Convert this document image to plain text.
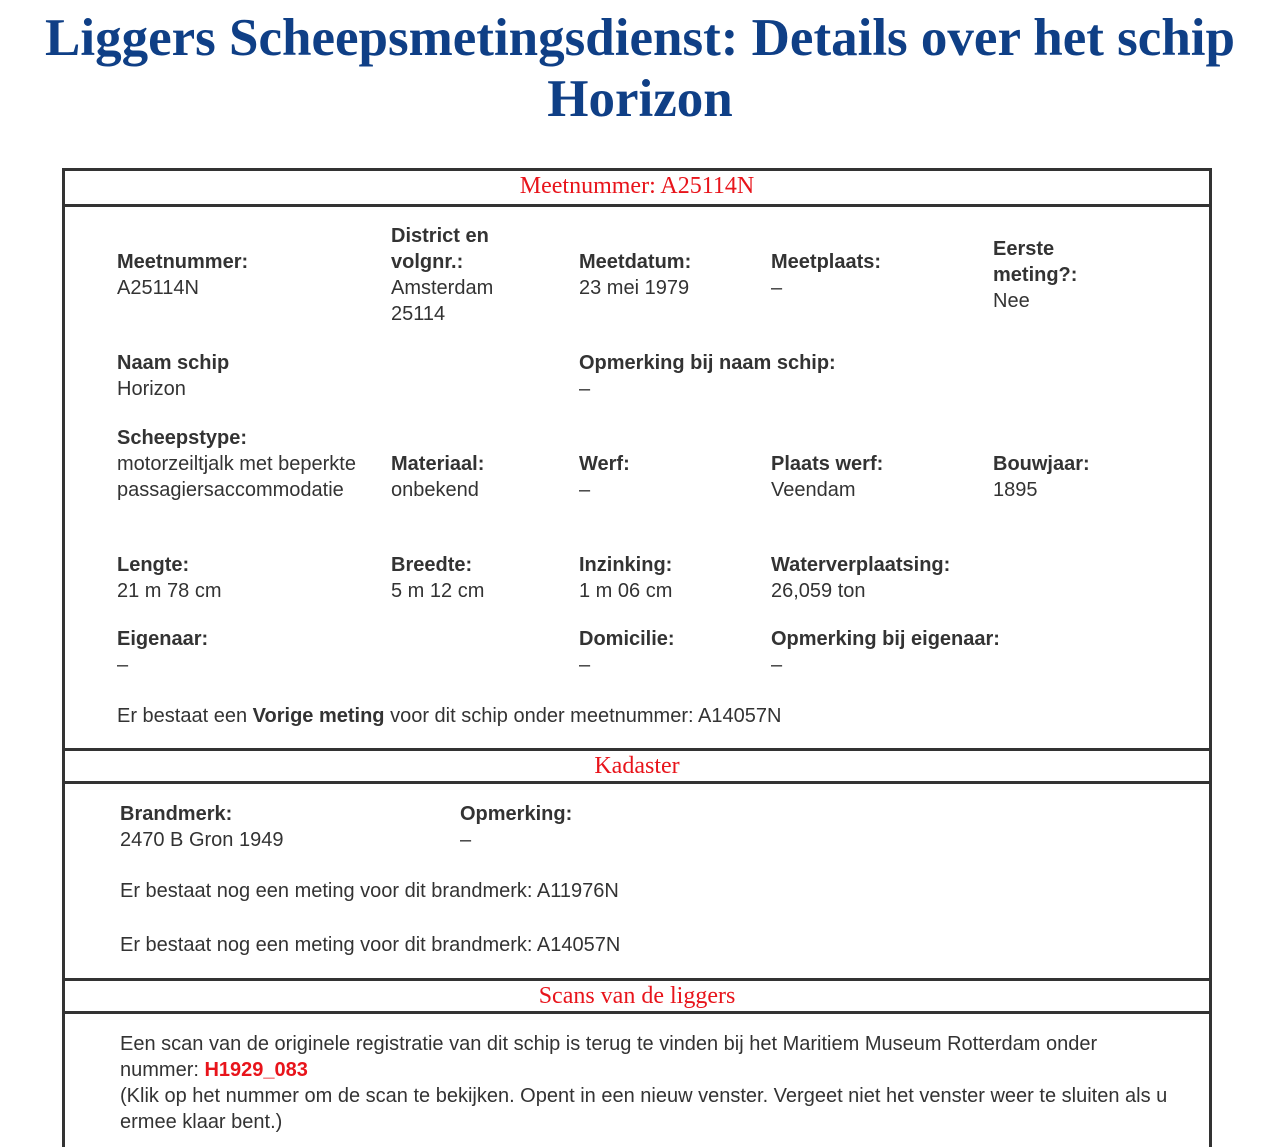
Liggers Scheepsmetingsdienst: Details over het schip Horizon
Meetnummer: A25114N
Meetnummer:
A25114N
District en volgnr.:
Amsterdam 25114
Meetdatum:
23 mei 1979
Meetplaats:
–
Eerste meting?:
Nee
Naam schip
Horizon
Opmerking bij naam schip:
–
Scheepstype:
motorzeiltjalk met beperkte passagiersaccommodatie
Materiaal:
onbekend
Werf:
–
Plaats werf:
Veendam
Bouwjaar:
1895
Lengte:
21 m 78 cm
Breedte:
5 m 12 cm
Inzinking:
1 m 06 cm
Waterverplaatsing:
26,059 ton
Eigenaar:
–
Domicilie:
–
Opmerking bij eigenaar:
–
Er bestaat een Vorige meting voor dit schip onder meetnummer: A14057N
Kadaster
Brandmerk:
2470 B Gron 1949
Opmerking:
–
Er bestaat nog een meting voor dit brandmerk: A11976N
Er bestaat nog een meting voor dit brandmerk: A14057N
Scans van de liggers
Een scan van de originele registratie van dit schip is terug te vinden bij het Maritiem Museum Rotterdam onder nummer: H1929_083
(Klik op het nummer om de scan te bekijken. Opent in een nieuw venster. Vergeet niet het venster weer te sluiten als u ermee klaar bent.)
